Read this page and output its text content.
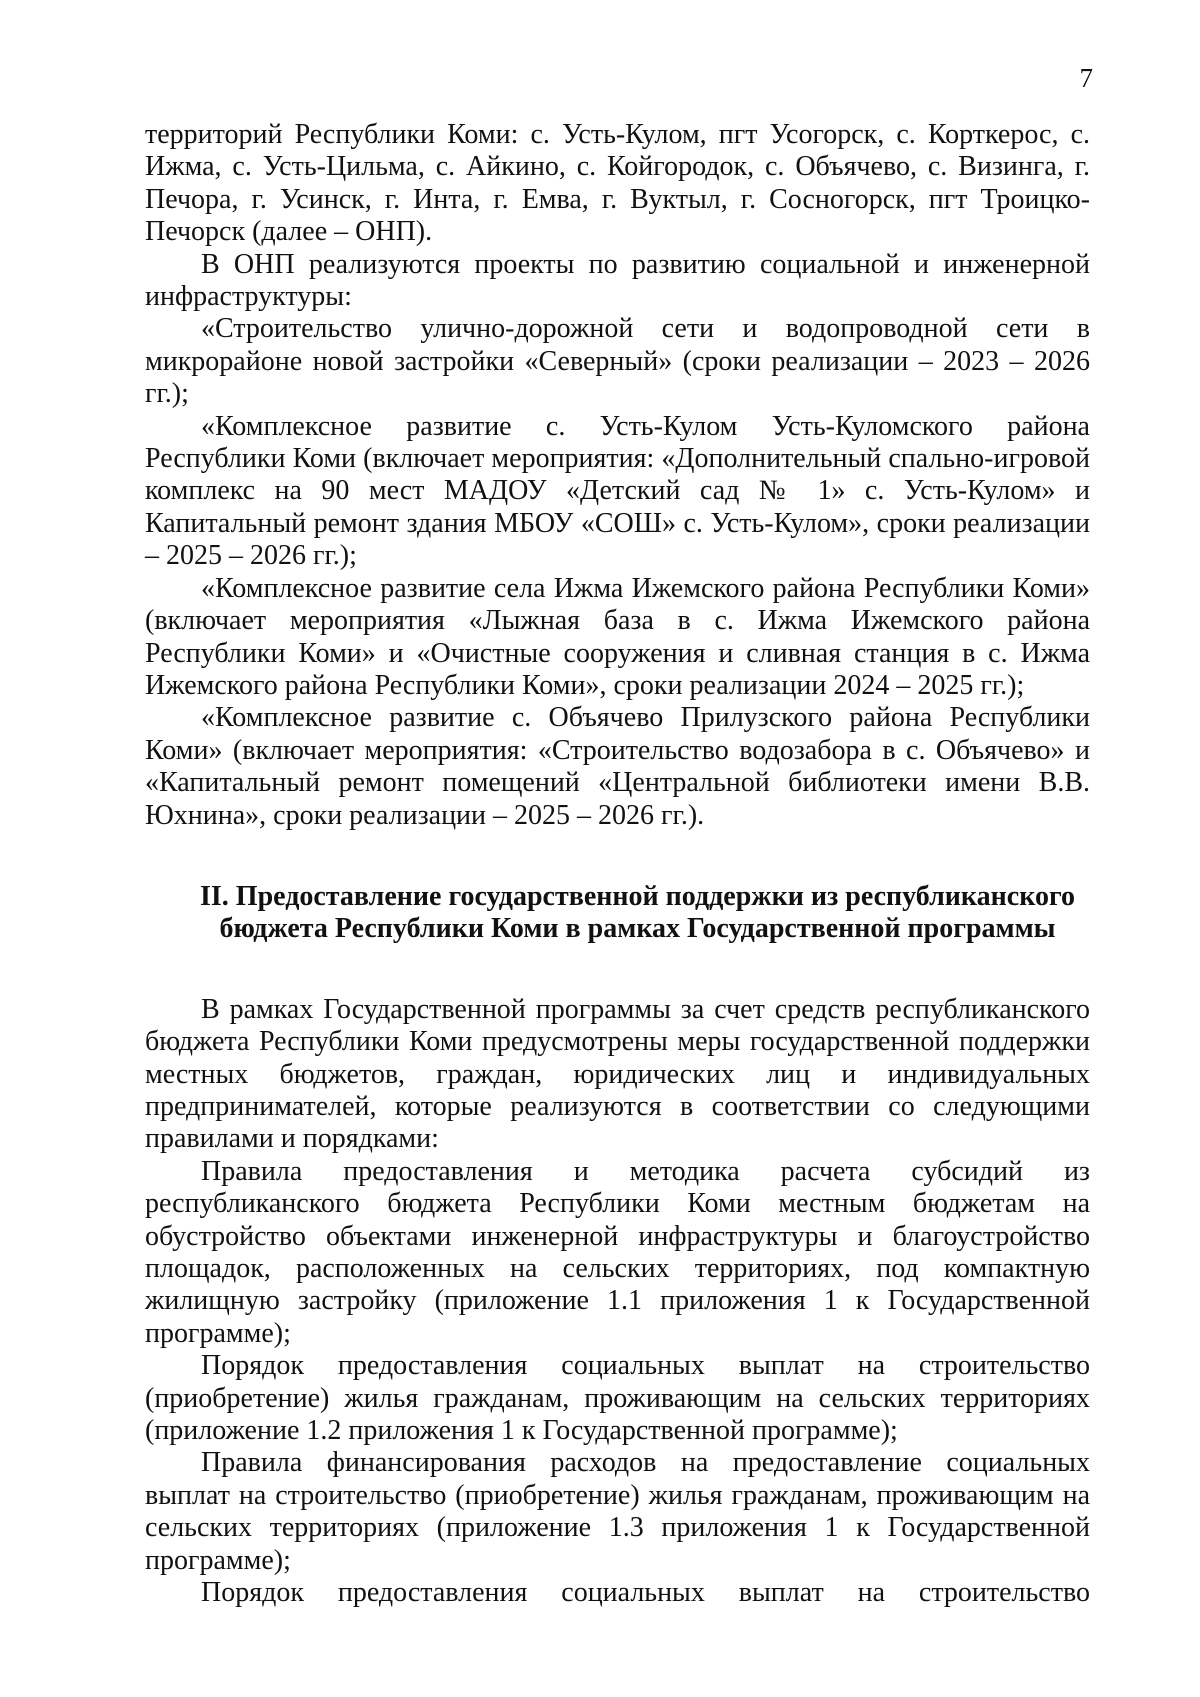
7

территорий Республики Коми: с. Усть-Кулом, пгт Усогорск, с. Корткерос, с. Ижма, с. Усть-Цильма, с. Айкино, с. Койгородок, с. Объячево, с. Визинга, г. Печора, г. Усинск, г. Инта, г. Емва, г. Вуктыл, г. Сосногорск, пгт Троицко-Печорск (далее – ОНП).

В ОНП реализуются проекты по развитию социальной и инженерной инфраструктуры:

«Строительство улично-дорожной сети и водопроводной сети в микрорайоне новой застройки «Северный» (сроки реализации – 2023 – 2026 гг.);

«Комплексное развитие с. Усть-Кулом Усть-Куломского района Республики Коми (включает мероприятия: «Дополнительный спально-игровой комплекс на 90 мест МАДОУ «Детский сад № 1» с. Усть-Кулом» и Капитальный ремонт здания МБОУ «СОШ» с. Усть-Кулом», сроки реализации – 2025 – 2026 гг.);

«Комплексное развитие села Ижма Ижемского района Республики Коми» (включает мероприятия «Лыжная база в с. Ижма Ижемского района Республики Коми» и «Очистные сооружения и сливная станция в с. Ижма Ижемского района Республики Коми», сроки реализации 2024 – 2025 гг.);

«Комплексное развитие с. Объячево Прилузского района Республики Коми» (включает мероприятия: «Строительство водозабора в с. Объячево» и «Капитальный ремонт помещений «Центральной библиотеки имени В.В. Юхнина», сроки реализации – 2025 – 2026 гг.).

II. Предоставление государственной поддержки из республиканского
бюджета Республики Коми в рамках Государственной программы

В рамках Государственной программы за счет средств республиканского бюджета Республики Коми предусмотрены меры государственной поддержки местных бюджетов, граждан, юридических лиц и индивидуальных предпринимателей, которые реализуются в соответствии со следующими правилами и порядками:

Правила предоставления и методика расчета субсидий из республиканского бюджета Республики Коми местным бюджетам на обустройство объектами инженерной инфраструктуры и благоустройство площадок, расположенных на сельских территориях, под компактную жилищную застройку (приложение 1.1 приложения 1 к Государственной программе);

Порядок предоставления социальных выплат на строительство (приобретение) жилья гражданам, проживающим на сельских территориях (приложение 1.2 приложения 1 к Государственной программе);

Правила финансирования расходов на предоставление социальных выплат на строительство (приобретение) жилья гражданам, проживающим на сельских территориях (приложение 1.3 приложения 1 к Государственной программе);

Порядок предоставления социальных выплат на строительство
